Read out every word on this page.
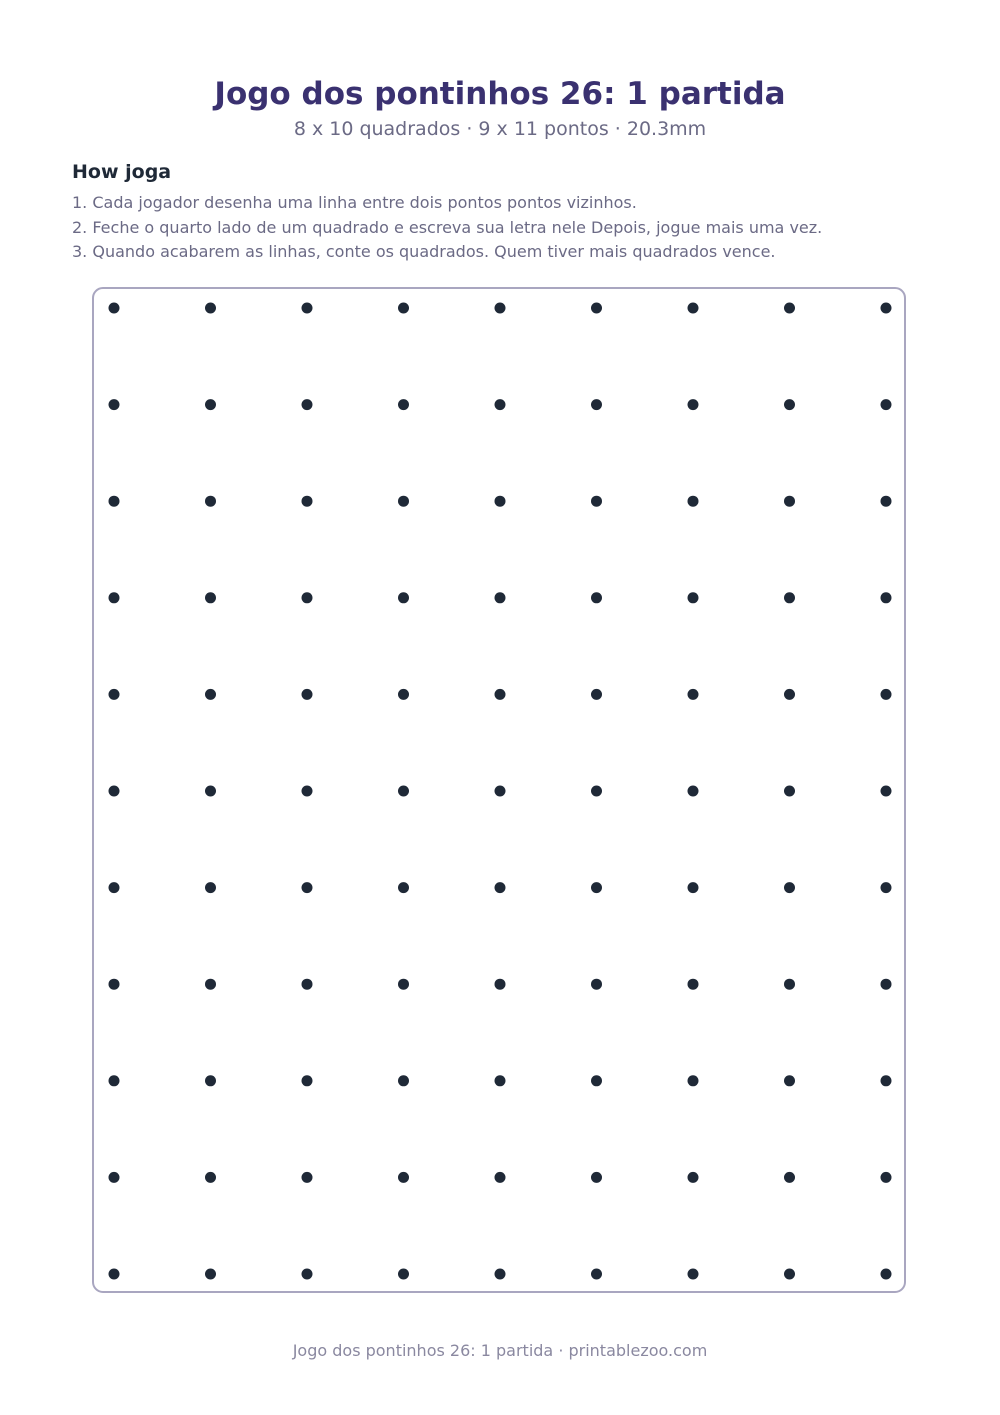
Jogo dos pontinhos 26: 1 partida
8 x 10 quadrados · 9 x 11 pontos · 20.3mm
How joga
1. Cada jogador desenha uma linha entre dois pontos pontos vizinhos.
2. Feche o quarto lado de um quadrado e escreva sua letra nele Depois, jogue mais uma vez.
3. Quando acabarem as linhas, conte os quadrados. Quem tiver mais quadrados vence.
Jogo dos pontinhos 26: 1 partida · printablezoo.com
